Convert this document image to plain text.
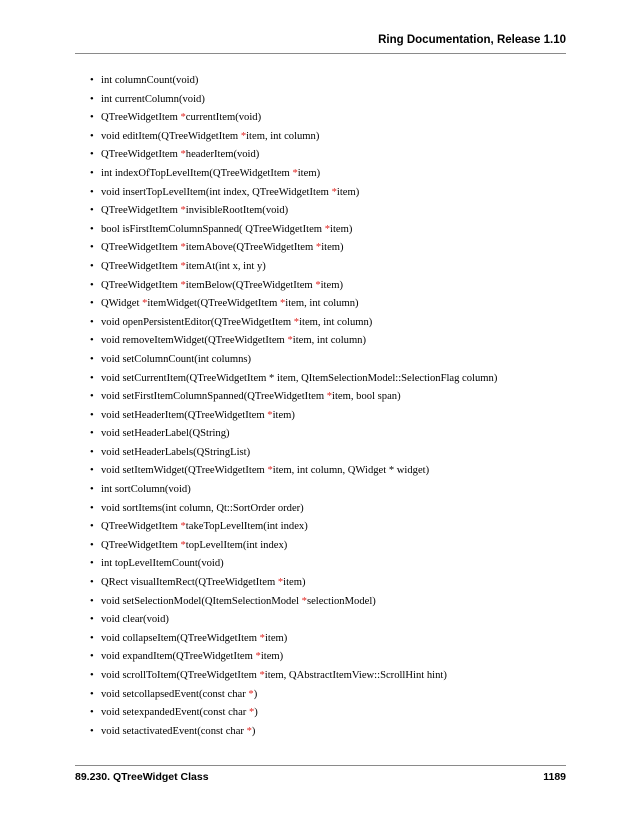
Ring Documentation, Release 1.10
• int columnCount(void)
• int currentColumn(void)
• QTreeWidgetItem *currentItem(void)
• void editItem(QTreeWidgetItem *item, int column)
• QTreeWidgetItem *headerItem(void)
• int indexOfTopLevelItem(QTreeWidgetItem *item)
• void insertTopLevelItem(int index, QTreeWidgetItem *item)
• QTreeWidgetItem *invisibleRootItem(void)
• bool isFirstItemColumnSpanned( QTreeWidgetItem *item)
• QTreeWidgetItem *itemAbove(QTreeWidgetItem *item)
• QTreeWidgetItem *itemAt(int x, int y)
• QTreeWidgetItem *itemBelow(QTreeWidgetItem *item)
• QWidget *itemWidget(QTreeWidgetItem *item, int column)
• void openPersistentEditor(QTreeWidgetItem *item, int column)
• void removeItemWidget(QTreeWidgetItem *item, int column)
• void setColumnCount(int columns)
• void setCurrentItem(QTreeWidgetItem * item, QItemSelectionModel::SelectionFlag column)
• void setFirstItemColumnSpanned(QTreeWidgetItem *item, bool span)
• void setHeaderItem(QTreeWidgetItem *item)
• void setHeaderLabel(QString)
• void setHeaderLabels(QStringList)
• void setItemWidget(QTreeWidgetItem *item, int column, QWidget * widget)
• int sortColumn(void)
• void sortItems(int column, Qt::SortOrder order)
• QTreeWidgetItem *takeTopLevelItem(int index)
• QTreeWidgetItem *topLevelItem(int index)
• int topLevelItemCount(void)
• QRect visualItemRect(QTreeWidgetItem *item)
• void setSelectionModel(QItemSelectionModel *selectionModel)
• void clear(void)
• void collapseItem(QTreeWidgetItem *item)
• void expandItem(QTreeWidgetItem *item)
• void scrollToItem(QTreeWidgetItem *item, QAbstractItemView::ScrollHint hint)
• void setcollapsedEvent(const char *)
• void setexpandedEvent(const char *)
• void setactivatedEvent(const char *)
89.230. QTreeWidget Class	1189
